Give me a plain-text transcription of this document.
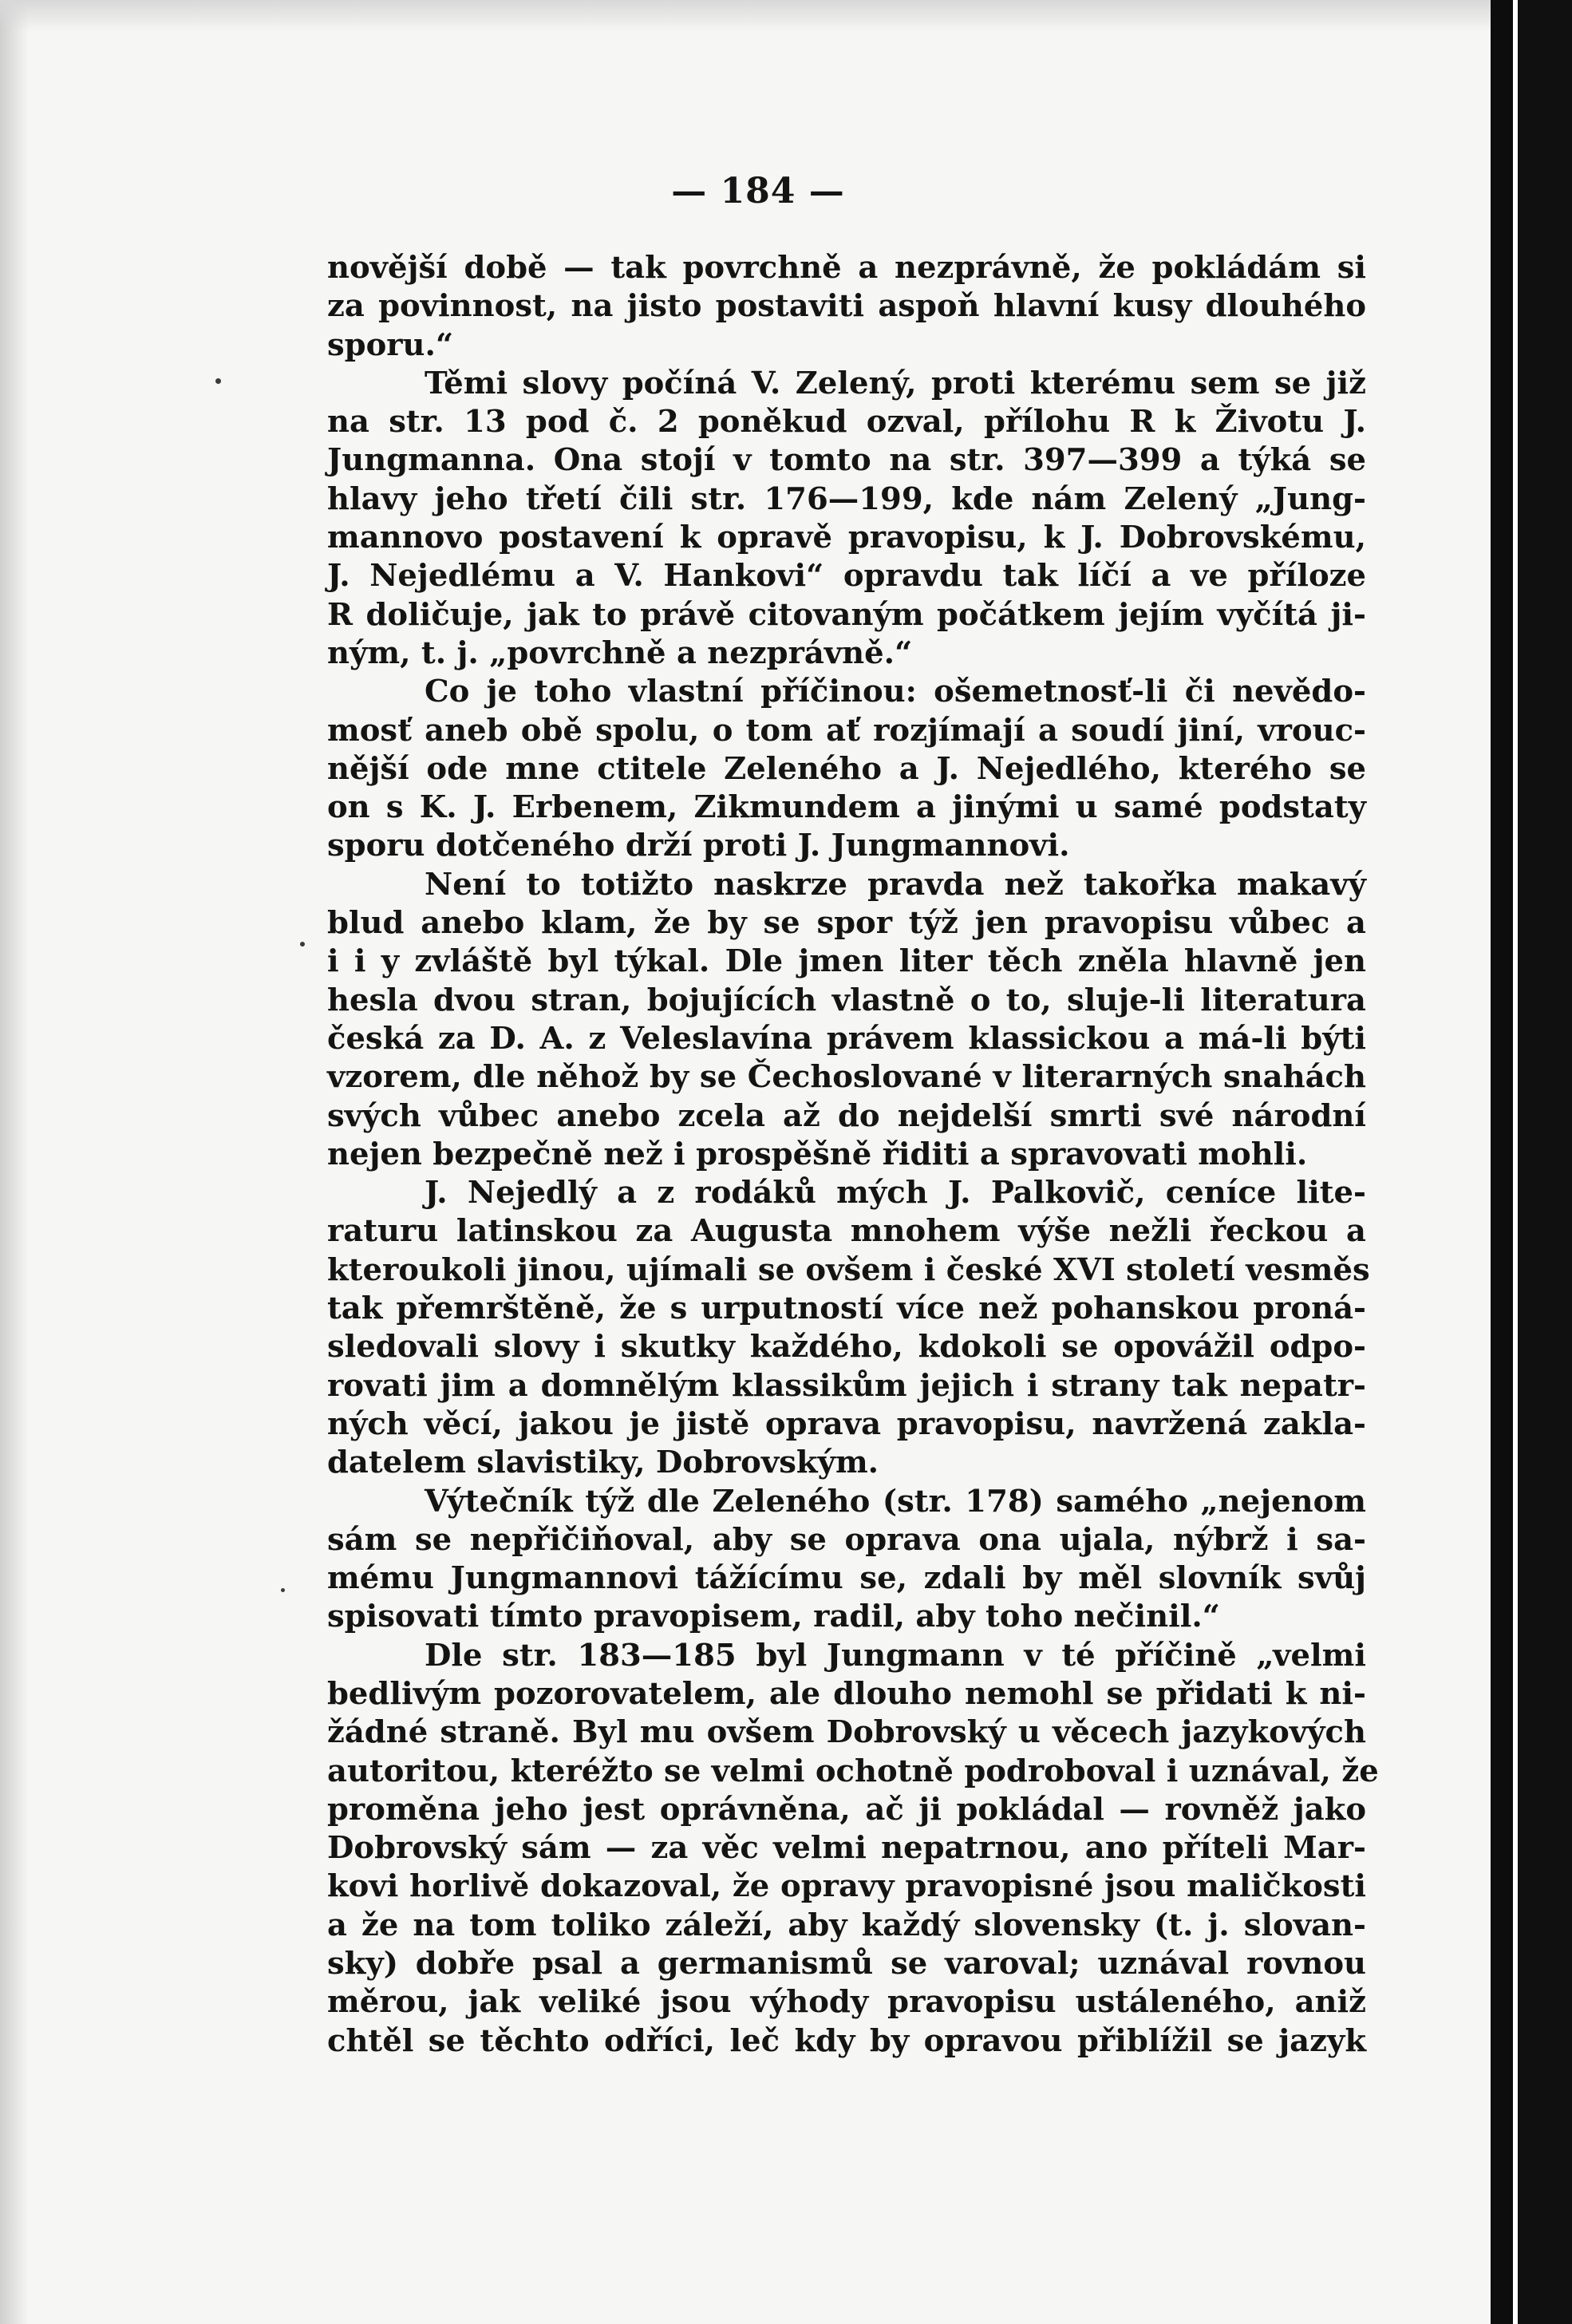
— 184 —
novější době — tak povrchně a nezprávně, že pokládám si
za povinnost, na jisto postaviti aspoň hlavní kusy dlouhého
sporu.“
Těmi slovy počíná V. Zelený, proti kterému sem se již
na str. 13 pod č. 2 poněkud ozval, přílohu R k Životu J.
Jungmanna. Ona stojí v tomto na str. 397—399 a týká se
hlavy jeho třetí čili str. 176—199, kde nám Zelený „Jung-
mannovo postavení k opravě pravopisu, k J. Dobrovskému,
J. Nejedlému a V. Hankovi“ opravdu tak líčí a ve příloze
R doličuje, jak to právě citovaným počátkem jejím vyčítá ji-
ným, t. j. „povrchně a nezprávně.“
Co je toho vlastní příčinou: ošemetnosť-li či nevědo-
mosť aneb obě spolu, o tom ať rozjímají a soudí jiní, vrouc-
nější ode mne ctitele Zeleného a J. Nejedlého, kterého se
on s K. J. Erbenem, Zikmundem a jinými u samé podstaty
sporu dotčeného drží proti J. Jungmannovi.
Není to totižto naskrze pravda než takořka makavý
blud anebo klam, že by se spor týž jen pravopisu vůbec a
i i y zvláště byl týkal. Dle jmen liter těch zněla hlavně jen
hesla dvou stran, bojujících vlastně o to, sluje-li literatura
česká za D. A. z Veleslavína právem klassickou a má-li býti
vzorem, dle něhož by se Čechoslované v literarných snahách
svých vůbec anebo zcela až do nejdelší smrti své národní
nejen bezpečně než i prospěšně řiditi a spravovati mohli.
J. Nejedlý a z rodáků mých J. Palkovič, ceníce lite-
raturu latinskou za Augusta mnohem výše nežli řeckou a
kteroukoli jinou, ujímali se ovšem i české XVI století vesměs
tak přemrštěně, že s urputností více než pohanskou proná-
sledovali slovy i skutky každého, kdokoli se opovážil odpo-
rovati jim a domnělým klassikům jejich i strany tak nepatr-
ných věcí, jakou je jistě oprava pravopisu, navržená zakla-
datelem slavistiky, Dobrovským.
Výtečník týž dle Zeleného (str. 178) samého „nejenom
sám se nepřičiňoval, aby se oprava ona ujala, nýbrž i sa-
mému Jungmannovi tážícímu se, zdali by měl slovník svůj
spisovati tímto pravopisem, radil, aby toho nečinil.“
Dle str. 183—185 byl Jungmann v té příčině „velmi
bedlivým pozorovatelem, ale dlouho nemohl se přidati k ni-
žádné straně. Byl mu ovšem Dobrovský u věcech jazykových
autoritou, kteréžto se velmi ochotně podroboval i uznával, že
proměna jeho jest oprávněna, ač ji pokládal — rovněž jako
Dobrovský sám — za věc velmi nepatrnou, ano příteli Mar-
kovi horlivě dokazoval, že opravy pravopisné jsou maličkosti
a že na tom toliko záleží, aby každý slovensky (t. j. slovan-
sky) dobře psal a germanismů se varoval; uznával rovnou
měrou, jak veliké jsou výhody pravopisu ustáleného, aniž
chtěl se těchto odříci, leč kdy by opravou přiblížil se jazyk
